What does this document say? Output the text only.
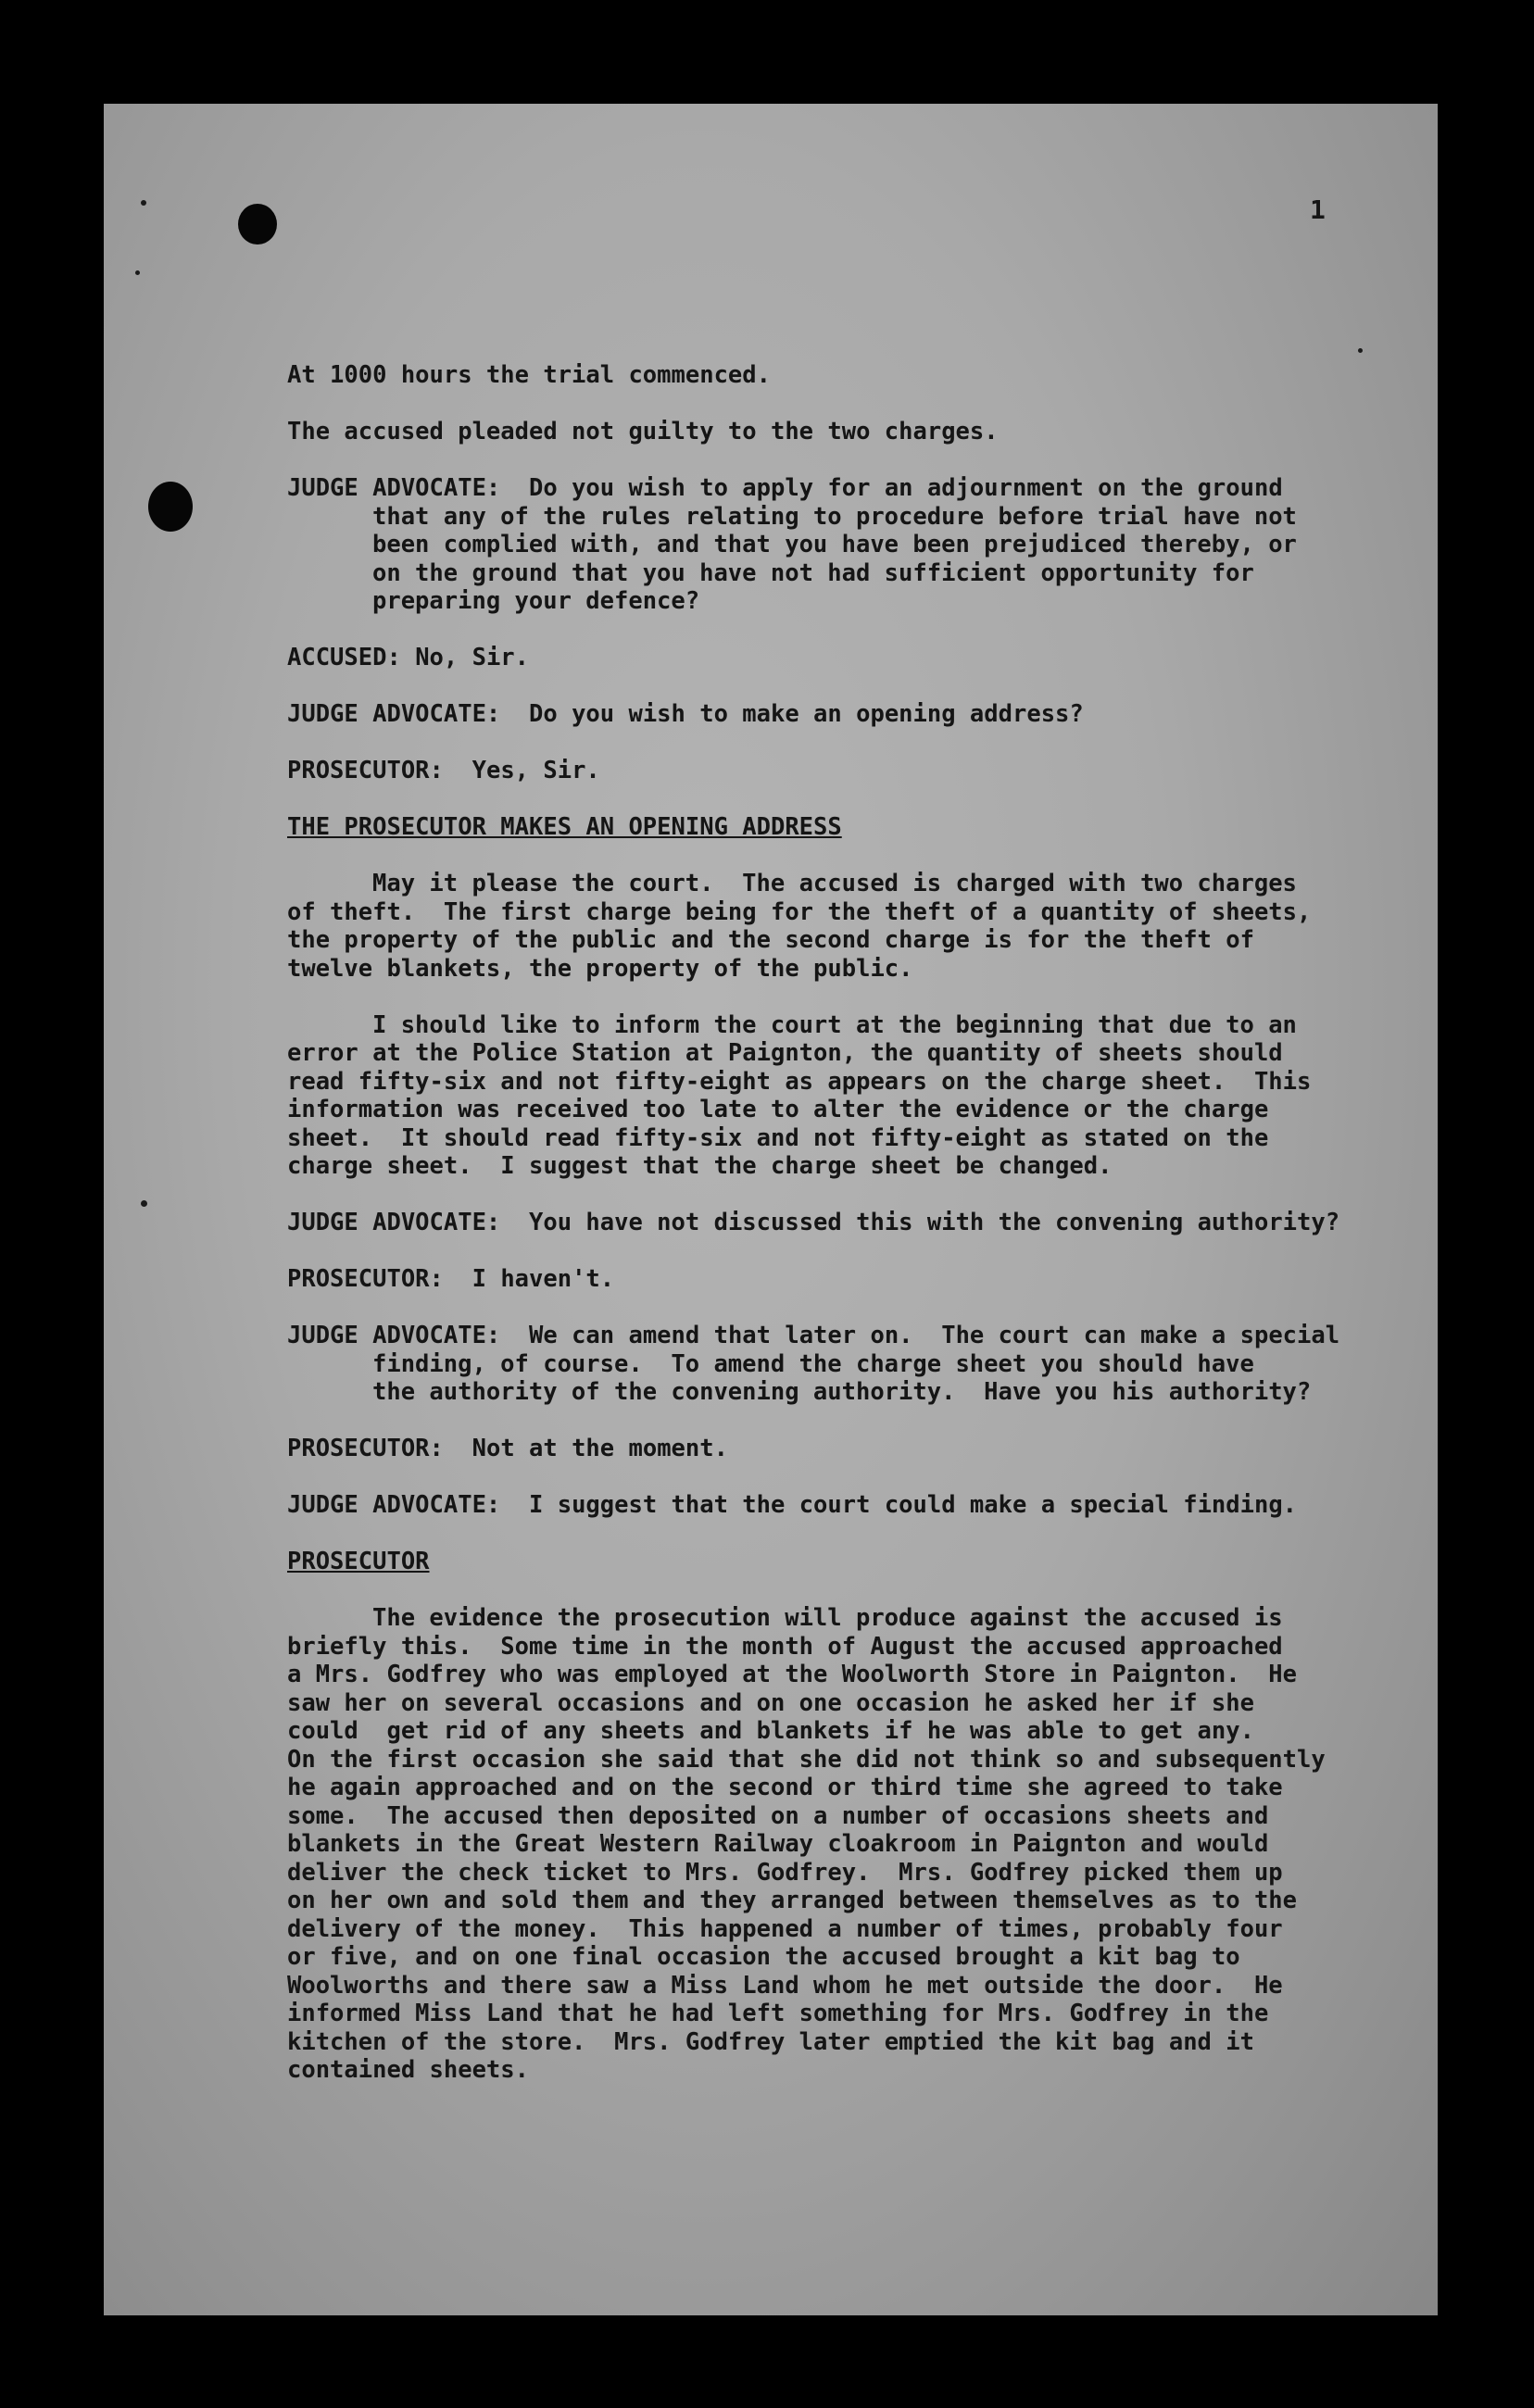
1

At 1000 hours the trial commenced.

The accused pleaded not guilty to the two charges.

JUDGE ADVOCATE: Do you wish to apply for an adjournment on the ground
that any of the rules relating to procedure before trial have not
been complied with, and that you have been prejudiced thereby, or
on the ground that you have not had sufficient opportunity for
preparing your defence?
ACCUSED: No, Sir.
JUDGE ADVOCATE: Do you wish to make an opening address?
PROSECUTOR: Yes, Sir.

THE PROSECUTOR MAKES AN OPENING ADDRESS

May it please the court.  The accused is charged with two charges
of theft.  The first charge being for the theft of a quantity of sheets,
the property of the public and the second charge is for the theft of
twelve blankets, the property of the public.
I should like to inform the court at the beginning that due to an
error at the Police Station at Paignton, the quantity of sheets should
read fifty-six and not fifty-eight as appears on the charge sheet.  This
information was received too late to alter the evidence or the charge
sheet.  It should read fifty-six and not fifty-eight as stated on the
charge sheet.  I suggest that the charge sheet be changed.
JUDGE ADVOCATE: You have not discussed this with the convening authority?
PROSECUTOR: I haven't.
JUDGE ADVOCATE: We can amend that later on.  The court can make a special
finding, of course.  To amend the charge sheet you should have
the authority of the convening authority.  Have you his authority?
PROSECUTOR: Not at the moment.
JUDGE ADVOCATE: I suggest that the court could make a special finding.

PROSECUTOR

The evidence the prosecution will produce against the accused is
briefly this.  Some time in the month of August the accused approached
a Mrs. Godfrey who was employed at the Woolworth Store in Paignton.  He
saw her on several occasions and on one occasion he asked her if she
could  get rid of any sheets and blankets if he was able to get any.
On the first occasion she said that she did not think so and subsequently
he again approached and on the second or third time she agreed to take
some.  The accused then deposited on a number of occasions sheets and
blankets in the Great Western Railway cloakroom in Paignton and would
deliver the check ticket to Mrs. Godfrey.  Mrs. Godfrey picked them up
on her own and sold them and they arranged between themselves as to the
delivery of the money.  This happened a number of times, probably four
or five, and on one final occasion the accused brought a kit bag to
Woolworths and there saw a Miss Land whom he met outside the door.  He
informed Miss Land that he had left something for Mrs. Godfrey in the
kitchen of the store.  Mrs. Godfrey later emptied the kit bag and it
contained sheets.
